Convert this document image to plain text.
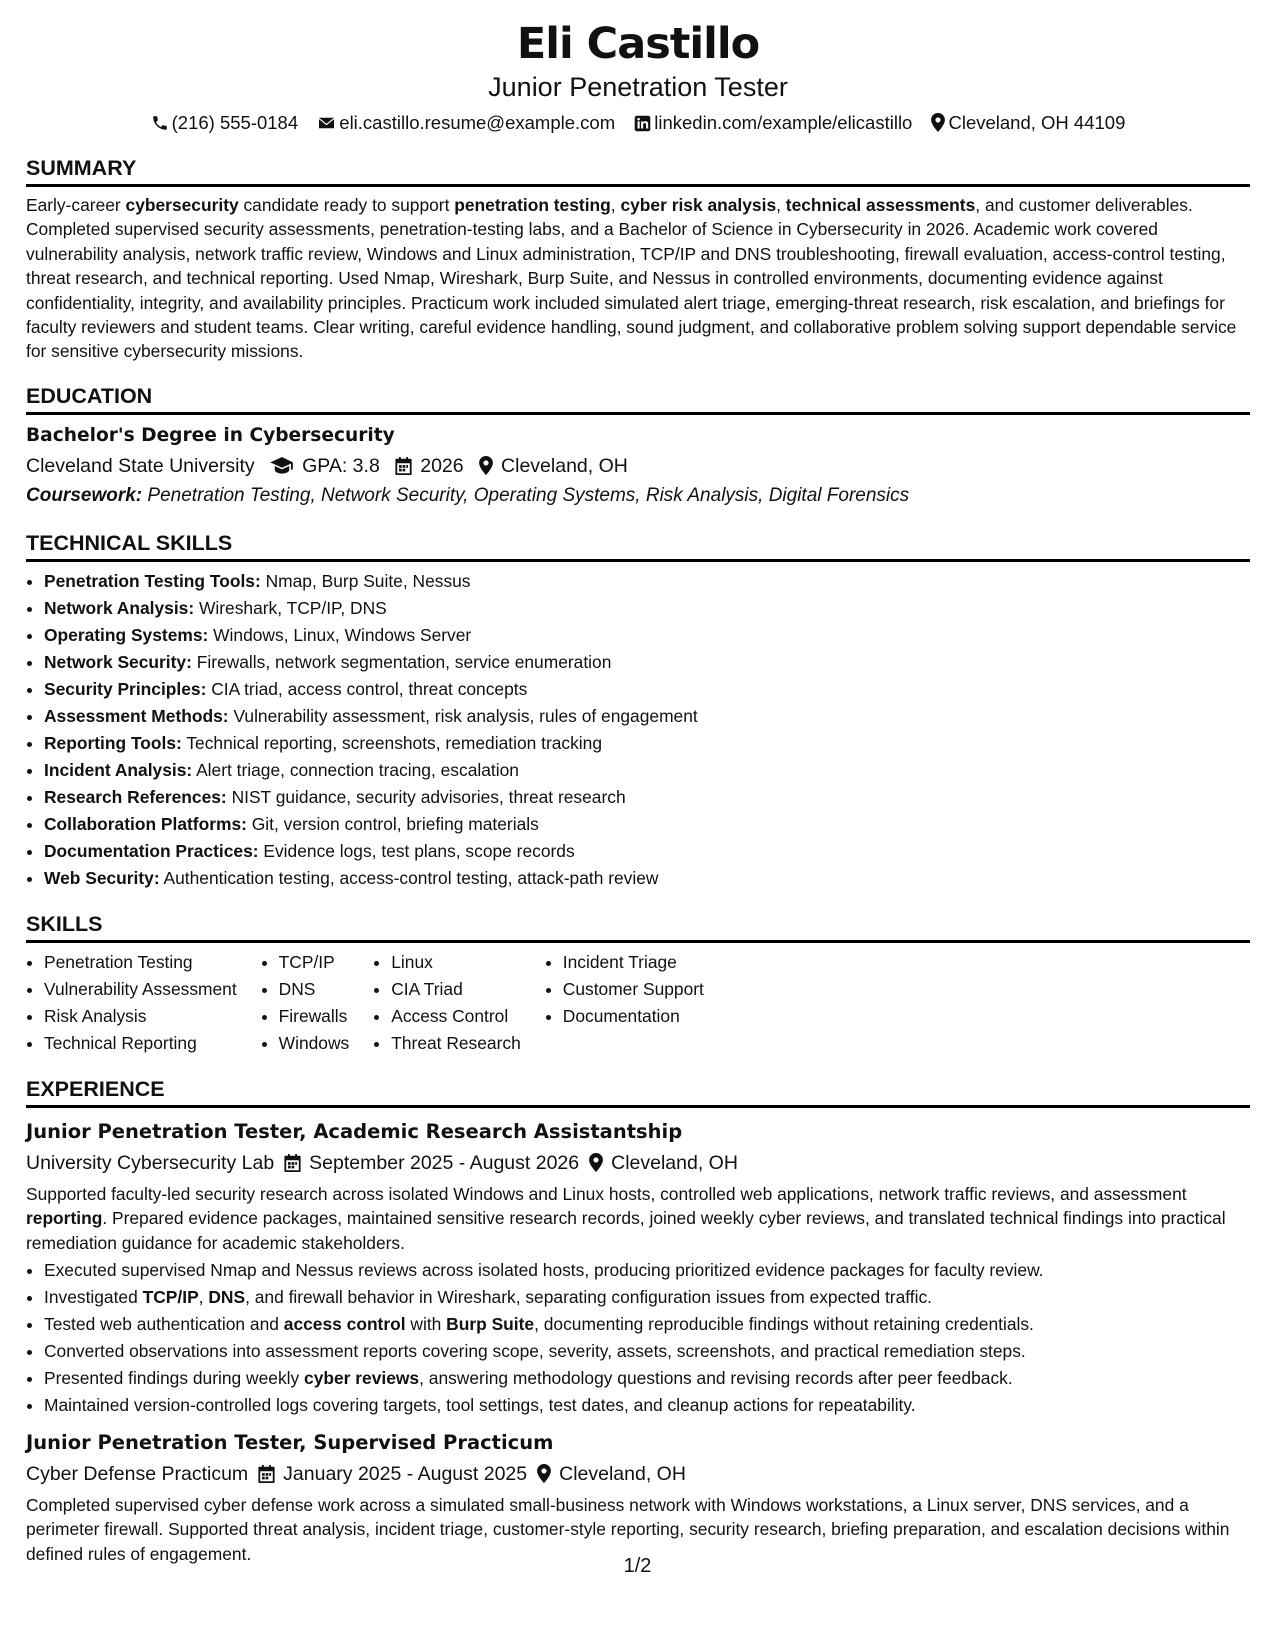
Eli Castillo
Junior Penetration Tester
(216) 555-0184 eli.castillo.resume@example.com linkedin.com/example/elicastillo Cleveland, OH 44109
SUMMARY

Early-career cybersecurity candidate ready to support penetration testing, cyber risk analysis, technical assessments, and customer deliverables. Completed supervised security assessments, penetration-testing labs, and a Bachelor of Science in Cybersecurity in 2026. Academic work covered vulnerability analysis, network traffic review, Windows and Linux administration, TCP/IP and DNS troubleshooting, firewall evaluation, access-control testing, threat research, and technical reporting. Used Nmap, Wireshark, Burp Suite, and Nessus in controlled environments, documenting evidence against confidentiality, integrity, and availability principles. Practicum work included simulated alert triage, emerging-threat research, risk escalation, and briefings for faculty reviewers and student teams. Clear writing, careful evidence handling, sound judgment, and collaborative problem solving support dependable service for sensitive cybersecurity missions.

EDUCATION
Bachelor's Degree in Cybersecurity
Cleveland State University GPA: 3.8 2026 Cleveland, OH
Coursework: Penetration Testing, Network Security, Operating Systems, Risk Analysis, Digital Forensics
TECHNICAL SKILLS
• Penetration Testing Tools: Nmap, Burp Suite, Nessus
• Network Analysis: Wireshark, TCP/IP, DNS
• Operating Systems: Windows, Linux, Windows Server
• Network Security: Firewalls, network segmentation, service enumeration
• Security Principles: CIA triad, access control, threat concepts
• Assessment Methods: Vulnerability assessment, risk analysis, rules of engagement
• Reporting Tools: Technical reporting, screenshots, remediation tracking
• Incident Analysis: Alert triage, connection tracing, escalation
• Research References: NIST guidance, security advisories, threat research
• Collaboration Platforms: Git, version control, briefing materials
• Documentation Practices: Evidence logs, test plans, scope records
• Web Security: Authentication testing, access-control testing, attack-path review
SKILLS
• Penetration Testing
• Vulnerability Assessment
• Risk Analysis
• Technical Reporting
• TCP/IP
• DNS
• Firewalls
• Windows
• Linux
• CIA Triad
• Access Control
• Threat Research
• Incident Triage
• Customer Support
• Documentation
EXPERIENCE
Junior Penetration Tester, Academic Research Assistantship
University Cybersecurity Lab September 2025 - August 2026 Cleveland, OH

Supported faculty-led security research across isolated Windows and Linux hosts, controlled web applications, network traffic reviews, and assessment reporting. Prepared evidence packages, maintained sensitive research records, joined weekly cyber reviews, and translated technical findings into practical remediation guidance for academic stakeholders.

• Executed supervised Nmap and Nessus reviews across isolated hosts, producing prioritized evidence packages for faculty review.
• Investigated TCP/IP, DNS, and firewall behavior in Wireshark, separating configuration issues from expected traffic.
• Tested web authentication and access control with Burp Suite, documenting reproducible findings without retaining credentials.
• Converted observations into assessment reports covering scope, severity, assets, screenshots, and practical remediation steps.
• Presented findings during weekly cyber reviews, answering methodology questions and revising records after peer feedback.
• Maintained version-controlled logs covering targets, tool settings, test dates, and cleanup actions for repeatability.
Junior Penetration Tester, Supervised Practicum
Cyber Defense Practicum January 2025 - August 2025 Cleveland, OH

Completed supervised cyber defense work across a simulated small-business network with Windows workstations, a Linux server, DNS services, and a perimeter firewall. Supported threat analysis, incident triage, customer-style reporting, security research, briefing preparation, and escalation decisions within defined rules of engagement.

1/2
